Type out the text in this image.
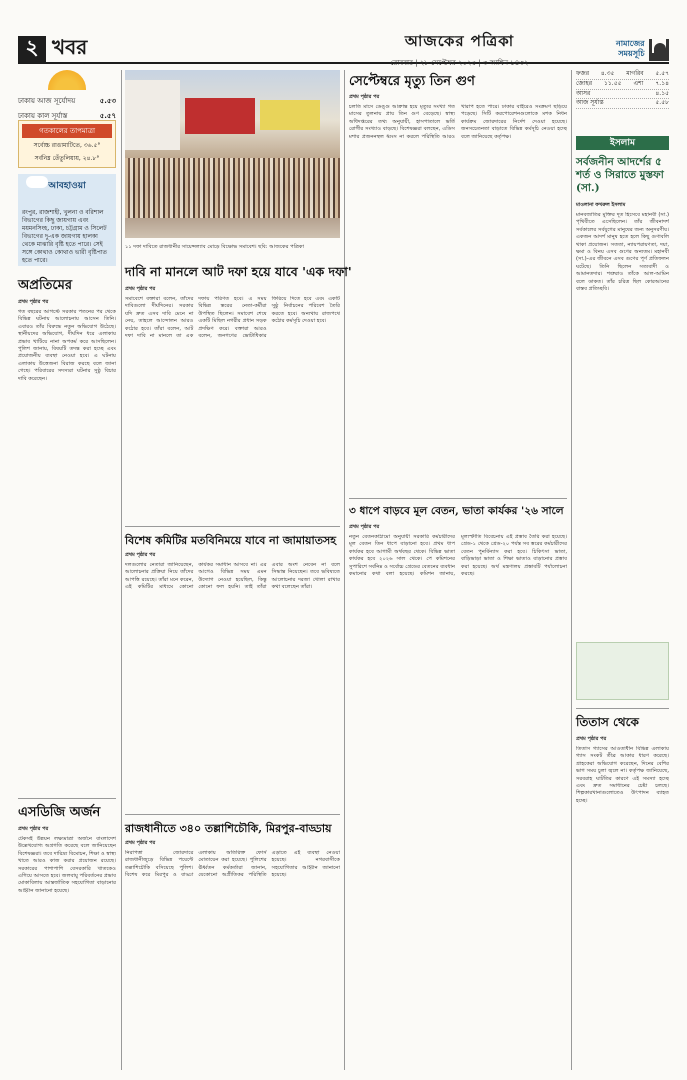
২ খবর	আজকের পত্রিকা
রোববার | ২৮ সেপ্টেম্বর ২০২৫ | ৩ আশ্বিন ১৪৩২
নামাজের সময়সূচি
ঢাকায় আজ সূর্যোদয়	৫.৫৩
ঢাকায় কাল সূর্যাস্ত	৫.৫৭
গতকালের তাপমাত্রা
সর্বোচ্চ রাঙামাটিতে, ৩৬.৫°
সর্বনিম্ন তেঁতুলিয়ায়, ২৪.৮°
আবহাওয়া
রংপুর, রাজশাহী, খুলনা ও বরিশাল বিভাগের কিছু জায়গায় এবং ময়মনসিংহ, ঢাকা, চট্টগ্রাম ও সিলেট বিভাগের দু-এক জায়গায় হালকা থেকে মাঝারি বৃষ্টি হতে পারে। সেই সঙ্গে কোথাও কোথাও ভারী বৃষ্টিপাত হতে পারে।
অপ্রতিমের
প্রথম পৃষ্ঠার পর
গত বছরের আগস্টে সরকার পতনের পর থেকে বিভিন্ন ঘটনায় আলোচনায় আসেন তিনি। এবারও তাঁর বিরুদ্ধে নতুন অভিযোগ উঠেছে। স্থানীয়দের অভিযোগ, দীর্ঘদিন ধরে এলাকায় প্রভাব খাটিয়ে নানা অপকর্ম করে আসছিলেন। পুলিশ জানায়, বিষয়টি তদন্ত করা হচ্ছে এবং প্রয়োজনীয় ব্যবস্থা নেওয়া হবে। এ ঘটনায় এলাকায় উত্তেজনা বিরাজ করছে বলে জানা গেছে। পরিবারের সদস্যরা ঘটনার সুষ্ঠু বিচার দাবি করেছেন।
এসডিজি অর্জন
প্রথম পৃষ্ঠার পর
টেকসই উন্নয়ন লক্ষ্যমাত্রা অর্জনে বাংলাদেশ উল্লেখযোগ্য অগ্রগতি করেছে বলে জানিয়েছেন বিশেষজ্ঞরা। তবে দারিদ্র্য বিমোচন, শিক্ষা ও স্বাস্থ্য খাতে আরও কাজ করার প্রয়োজন রয়েছে। সরকারের পাশাপাশি বেসরকারি খাতকেও এগিয়ে আসতে হবে। জলবায়ু পরিবর্তনের প্রভাব মোকাবিলায় আন্তর্জাতিক সহযোগিতা বাড়ানোর আহ্বান জানানো হয়েছে।
১১ দফা দাবিতে রাজধানীর সায়েন্সল্যাব মোড়ে বিক্ষোভ সমাবেশ। ছবি: আজকের পত্রিকা
দাবি না মানলে আট দফা হয়ে যাবে 'এক দফা'
প্রথম পৃষ্ঠার পর
সমাবেশে বক্তারা বলেন, তাঁদের দাবিগুলো দীর্ঘদিনের। সরকার যদি দ্রুত এসব দাবি মেনে না নেয়, তাহলে আন্দোলন আরও কঠোর হবে। তাঁরা বলেন, আট দফা দাবি না মানলে তা এক দফায় পরিণত হবে। এ সময় বিভিন্ন স্তরের নেতা-কর্মীরা উপস্থিত ছিলেন। সমাবেশ শেষে একটি মিছিল নগরীর প্রধান সড়ক প্রদক্ষিণ করে। বক্তারা আরও বলেন, জনগণের ভোটাধিকার ফিরিয়ে দিতে হবে এবং একটি সুষ্ঠু নির্বাচনের পরিবেশ তৈরি করতে হবে। অন্যথায় রাজপথে কঠোর কর্মসূচি দেওয়া হবে।
বিশেষ কমিটির মতবিনিময়ে যাবে না জামায়াতসহ
প্রথম পৃষ্ঠার পর
দলগুলোর নেতারা জানিয়েছেন, আলোচনার প্রক্রিয়া নিয়ে তাঁদের আপত্তি রয়েছে। তাঁরা মনে করেন, এই কমিটির মাধ্যমে কোনো কার্যকর সমাধান আসবে না। এর আগেও বিভিন্ন সময় এমন উদ্যোগ নেওয়া হয়েছিল, কিন্তু কোনো ফল হয়নি। তাই তাঁরা এবার অংশ নেবেন না বলে সিদ্ধান্ত নিয়েছেন। তবে ভবিষ্যতে আলোচনার দরজা খোলা রাখার কথা বলেছেন তাঁরা।
রাজধানীতে ৩৪০ তল্লাশিচৌকি, মিরপুর-বাড্ডায়
প্রথম পৃষ্ঠার পর
নিরাপত্তা জোরদারে রাজধানীজুড়ে বিভিন্ন পয়েন্টে তল্লাশিচৌকি বসিয়েছে পুলিশ। বিশেষ করে মিরপুর ও বাড্ডা এলাকায় অতিরিক্ত ফোর্স মোতায়েন করা হয়েছে। পুলিশের ঊর্ধ্বতন কর্মকর্তারা জানান, যেকোনো অপ্রীতিকর পরিস্থিতি এড়াতে এই ব্যবস্থা নেওয়া হয়েছে। নগরবাসীকে সহযোগিতার আহ্বান জানানো হয়েছে।
সেপ্টেম্বরে মৃত্যু তিন গুণ
প্রথম পৃষ্ঠার পর
চলতি মাসে ডেঙ্গু আক্রান্ত হয়ে মৃত্যুর সংখ্যা গত মাসের তুলনায় প্রায় তিন গুণ বেড়েছে। স্বাস্থ্য অধিদপ্তরের তথ্য অনুযায়ী, হাসপাতালে ভর্তি রোগীর সংখ্যাও বাড়ছে। বিশেষজ্ঞরা বলছেন, এডিস মশার প্রজননস্থল ধ্বংস না করলে পরিস্থিতি আরও খারাপ হতে পারে। ঢাকার বাইরেও সংক্রমণ ছড়িয়ে পড়েছে। সিটি করপোরেশনগুলোকে মশক নিধন কার্যক্রম জোরদারের নির্দেশ দেওয়া হয়েছে। জনসচেতনতা বাড়াতে বিভিন্ন কর্মসূচি নেওয়া হচ্ছে বলে জানিয়েছে কর্তৃপক্ষ।
৩ ধাপে বাড়বে মূল বেতন, ভাতা কার্যকর '২৬ সালে
প্রথম পৃষ্ঠার পর
নতুন বেতনকাঠামো অনুযায়ী সরকারি কর্মচারীদের মূল বেতন তিন ধাপে বাড়ানো হবে। প্রথম ধাপ কার্যকর হবে আগামী অর্থবছর থেকে। বিভিন্ন ভাতা কার্যকর হবে ২০২৬ সাল থেকে। পে কমিশনের সুপারিশে সর্বনিম্ন ও সর্বোচ্চ গ্রেডের বেতনের ব্যবধান কমানোর কথা বলা হয়েছে। কমিশন জানায়, মূল্যস্ফীতি বিবেচনায় এই প্রস্তাব তৈরি করা হয়েছে। গ্রেড-১ থেকে গ্রেড-২০ পর্যন্ত সব স্তরের কর্মচারীদের বেতন পুনর্বিন্যাস করা হবে। চিকিৎসা ভাতা, বাড়িভাড়া ভাতা ও শিক্ষা ভাতাও বাড়ানোর প্রস্তাব করা হয়েছে। অর্থ মন্ত্রণালয় প্রস্তাবটি পর্যালোচনা করছে।
ফজর ৪.৩৫ মাগরিব ৫.৫৭
জোহর ১১.৫৫ এশা ৭.১৪
আসর	৪.১৫
আজ সূর্যাস্ত	৫.৫৮
ইসলাম
সর্বজনীন আদর্শের ৫ শর্ত ও সিরাতে মুস্তফা (সা.)
মাওলানা ফখরুল ইসলাম
মানবজাতির মুক্তির দূত হিসেবে মহানবী (সা.) পৃথিবীতে এসেছিলেন। তাঁর জীবনাদর্শ সর্বকালের সর্বযুগের মানুষের জন্য অনুসরণীয়। একজন আদর্শ মানুষ হতে হলে কিছু গুণাবলি থাকা প্রয়োজন। সততা, ন্যায়পরায়ণতা, দয়া, ক্ষমা ও বিনয় এসব গুণের অন্যতম। মহানবী (সা.)-এর জীবনে এসব গুণের পূর্ণ প্রতিফলন ঘটেছে। তিনি ছিলেন সত্যবাদী ও আমানতদার। শত্রুরাও তাঁকে আল-আমিন বলে ডাকত। তাঁর চরিত্র ছিল কোরআনের বাস্তব প্রতিচ্ছবি।
তিতাস থেকে
প্রথম পৃষ্ঠার পর
তিতাস গ্যাসের আওতাধীন বিভিন্ন এলাকায় গ্যাস সংকট তীব্র আকার ধারণ করেছে। গ্রাহকেরা অভিযোগ করেছেন, দিনের বেশির ভাগ সময় চুলা জ্বলে না। কর্তৃপক্ষ জানিয়েছে, সরবরাহ ঘাটতির কারণে এই সমস্যা হচ্ছে এবং দ্রুত সমাধানের চেষ্টা চলছে। শিল্পকারখানাগুলোতেও উৎপাদন ব্যাহত হচ্ছে।
